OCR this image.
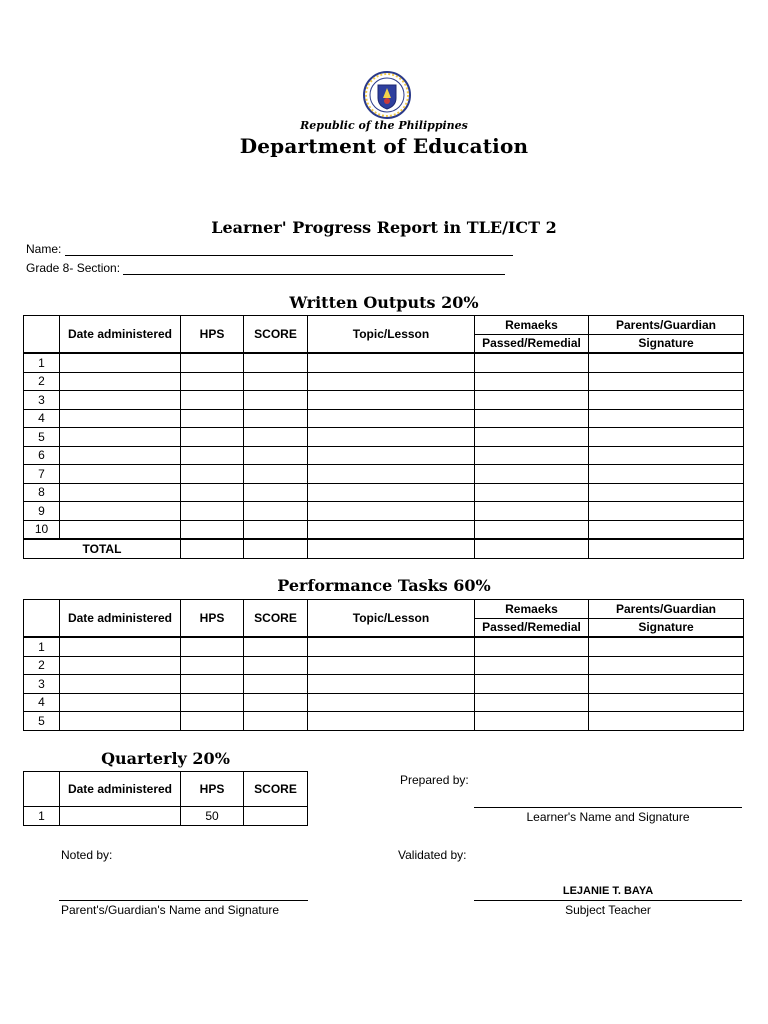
Republic of the Philippines
Department of Education
Learner' Progress Report in TLE/ICT 2
Name:
Grade 8- Section:
Written Outputs 20%
	Date administered	HPS	SCORE	Topic/Lesson	Remaeks	Parents/Guardian
					Passed/Remedial	Signature
1						
2						
3						
4						
5						
6						
7						
8						
9						
10						
TOTAL						
Performance Tasks 60%
	Date administered	HPS	SCORE	Topic/Lesson	Remaeks	Parents/Guardian
					Passed/Remedial	Signature
1						
2						
3						
4						
5						
Quarterly 20%
	Date administered	HPS	SCORE
1		50	
Prepared by:
Learner's Name and Signature
Noted by:	Validated by:
LEJANIE T. BAYA
Subject Teacher
Parent's/Guardian's Name and Signature
